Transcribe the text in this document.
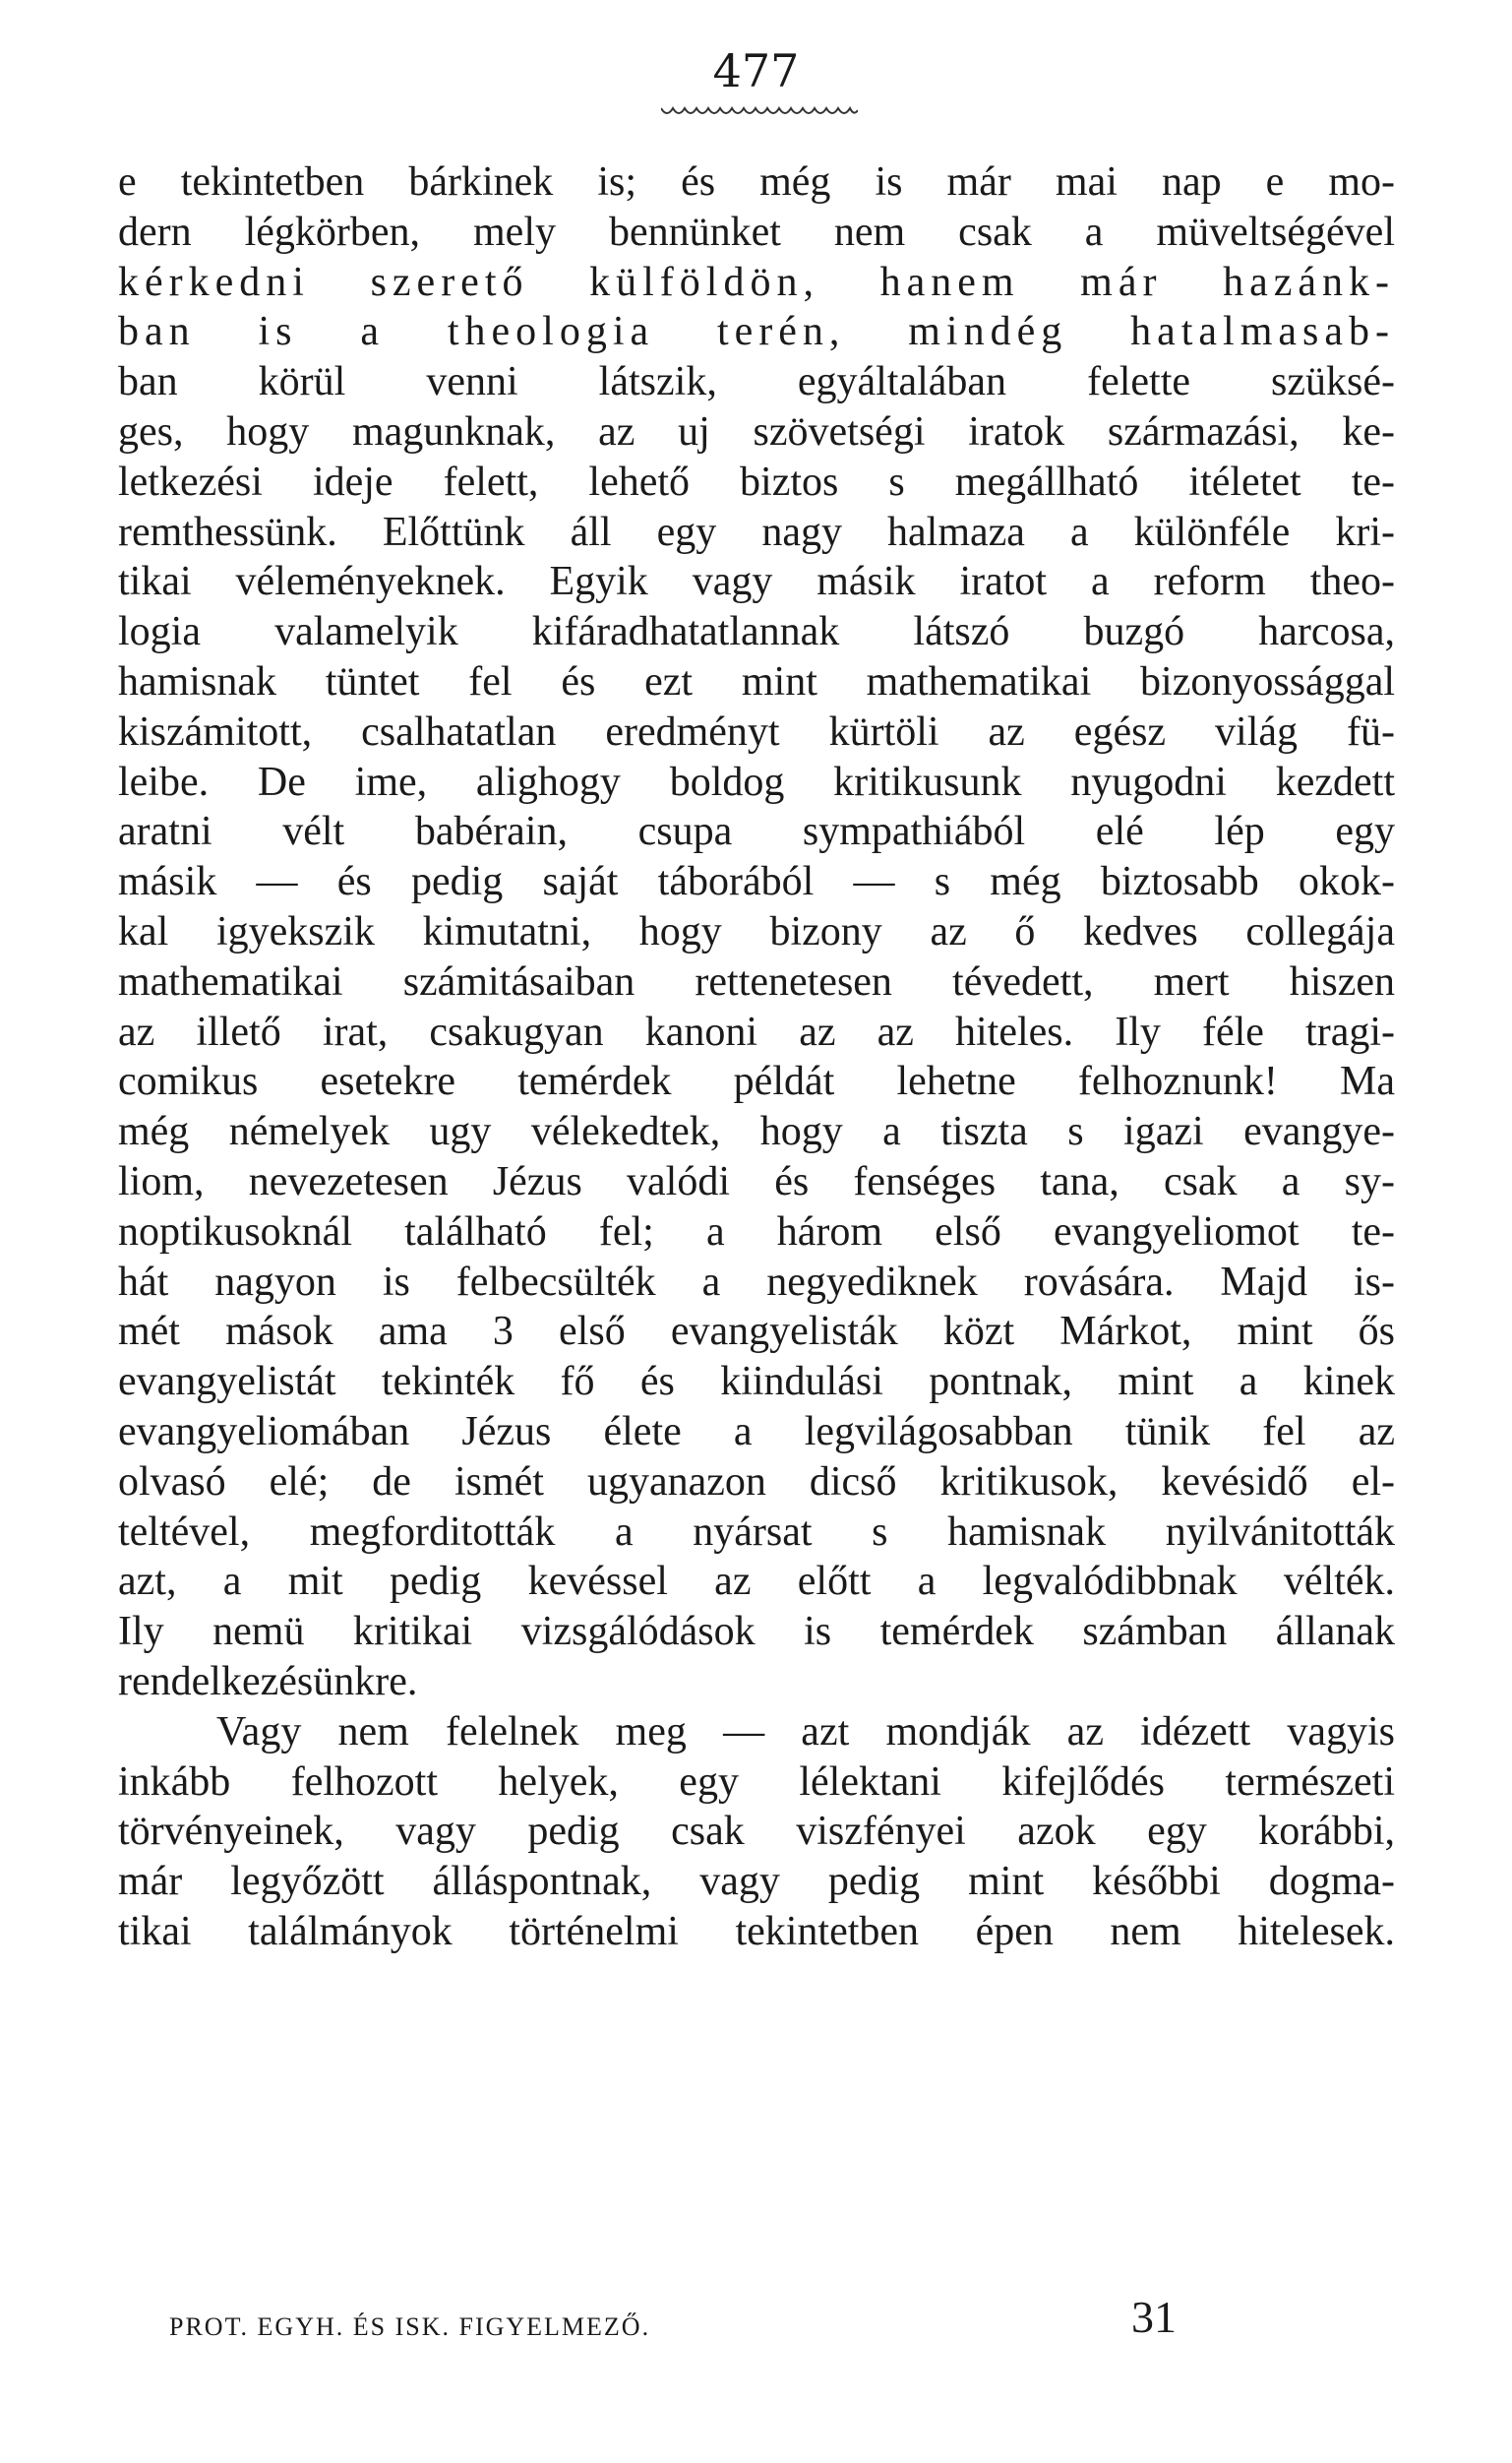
477
e tekintetben bárkinek is; és még is már mai nap e mo-
dern légkörben, mely bennünket nem csak a müveltségével
kérkedni szerető külföldön, hanem már hazánk-
ban is a theologia terén, mindég hatalmasab-
ban körül venni látszik, egyáltalában felette szüksé-
ges, hogy magunknak, az uj szövetségi iratok származási, ke-
letkezési ideje felett, lehető biztos s megállható itéletet te-
remthessünk. Előttünk áll egy nagy halmaza a különféle kri-
tikai véleményeknek. Egyik vagy másik iratot a reform theo-
logia valamelyik kifáradhatatlannak látszó buzgó harcosa,
hamisnak tüntet fel és ezt mint mathematikai bizonyossággal
kiszámitott, csalhatatlan eredményt kürtöli az egész világ fü-
leibe. De ime, alighogy boldog kritikusunk nyugodni kezdett
aratni vélt babérain, csupa sympathiából elé lép egy
másik — és pedig saját táborából — s még biztosabb okok-
kal igyekszik kimutatni, hogy bizony az ő kedves collegája
mathematikai számitásaiban rettenetesen tévedett, mert hiszen
az illető irat, csakugyan kanoni az az hiteles. Ily féle tragi-
comikus esetekre temérdek példát lehetne felhoznunk! Ma
még némelyek ugy vélekedtek, hogy a tiszta s igazi evangye-
liom, nevezetesen Jézus valódi és fenséges tana, csak a sy-
noptikusoknál található fel; a három első evangyeliomot te-
hát nagyon is felbecsülték a negyediknek rovására. Majd is-
mét mások ama 3 első evangyelisták közt Márkot, mint ős
evangyelistát tekinték fő és kiindulási pontnak, mint a kinek
evangyeliomában Jézus élete a legvilágosabban tünik fel az
olvasó elé; de ismét ugyanazon dicső kritikusok, kevésidő el-
teltével, megforditották a nyársat s hamisnak nyilvánitották
azt, a mit pedig kevéssel az előtt a legvalódibbnak vélték.
Ily nemü kritikai vizsgálódások is temérdek számban állanak
rendelkezésünkre.
Vagy nem felelnek meg — azt mondják az idézett vagyis
inkább felhozott helyek, egy lélektani kifejlődés természeti
törvényeinek, vagy pedig csak viszfényei azok egy korábbi,
már legyőzött álláspontnak, vagy pedig mint későbbi dogma-
tikai találmányok történelmi tekintetben épen nem hitelesek.
PROT. EGYH. ÉS ISK. FIGYELMEZŐ.	31
